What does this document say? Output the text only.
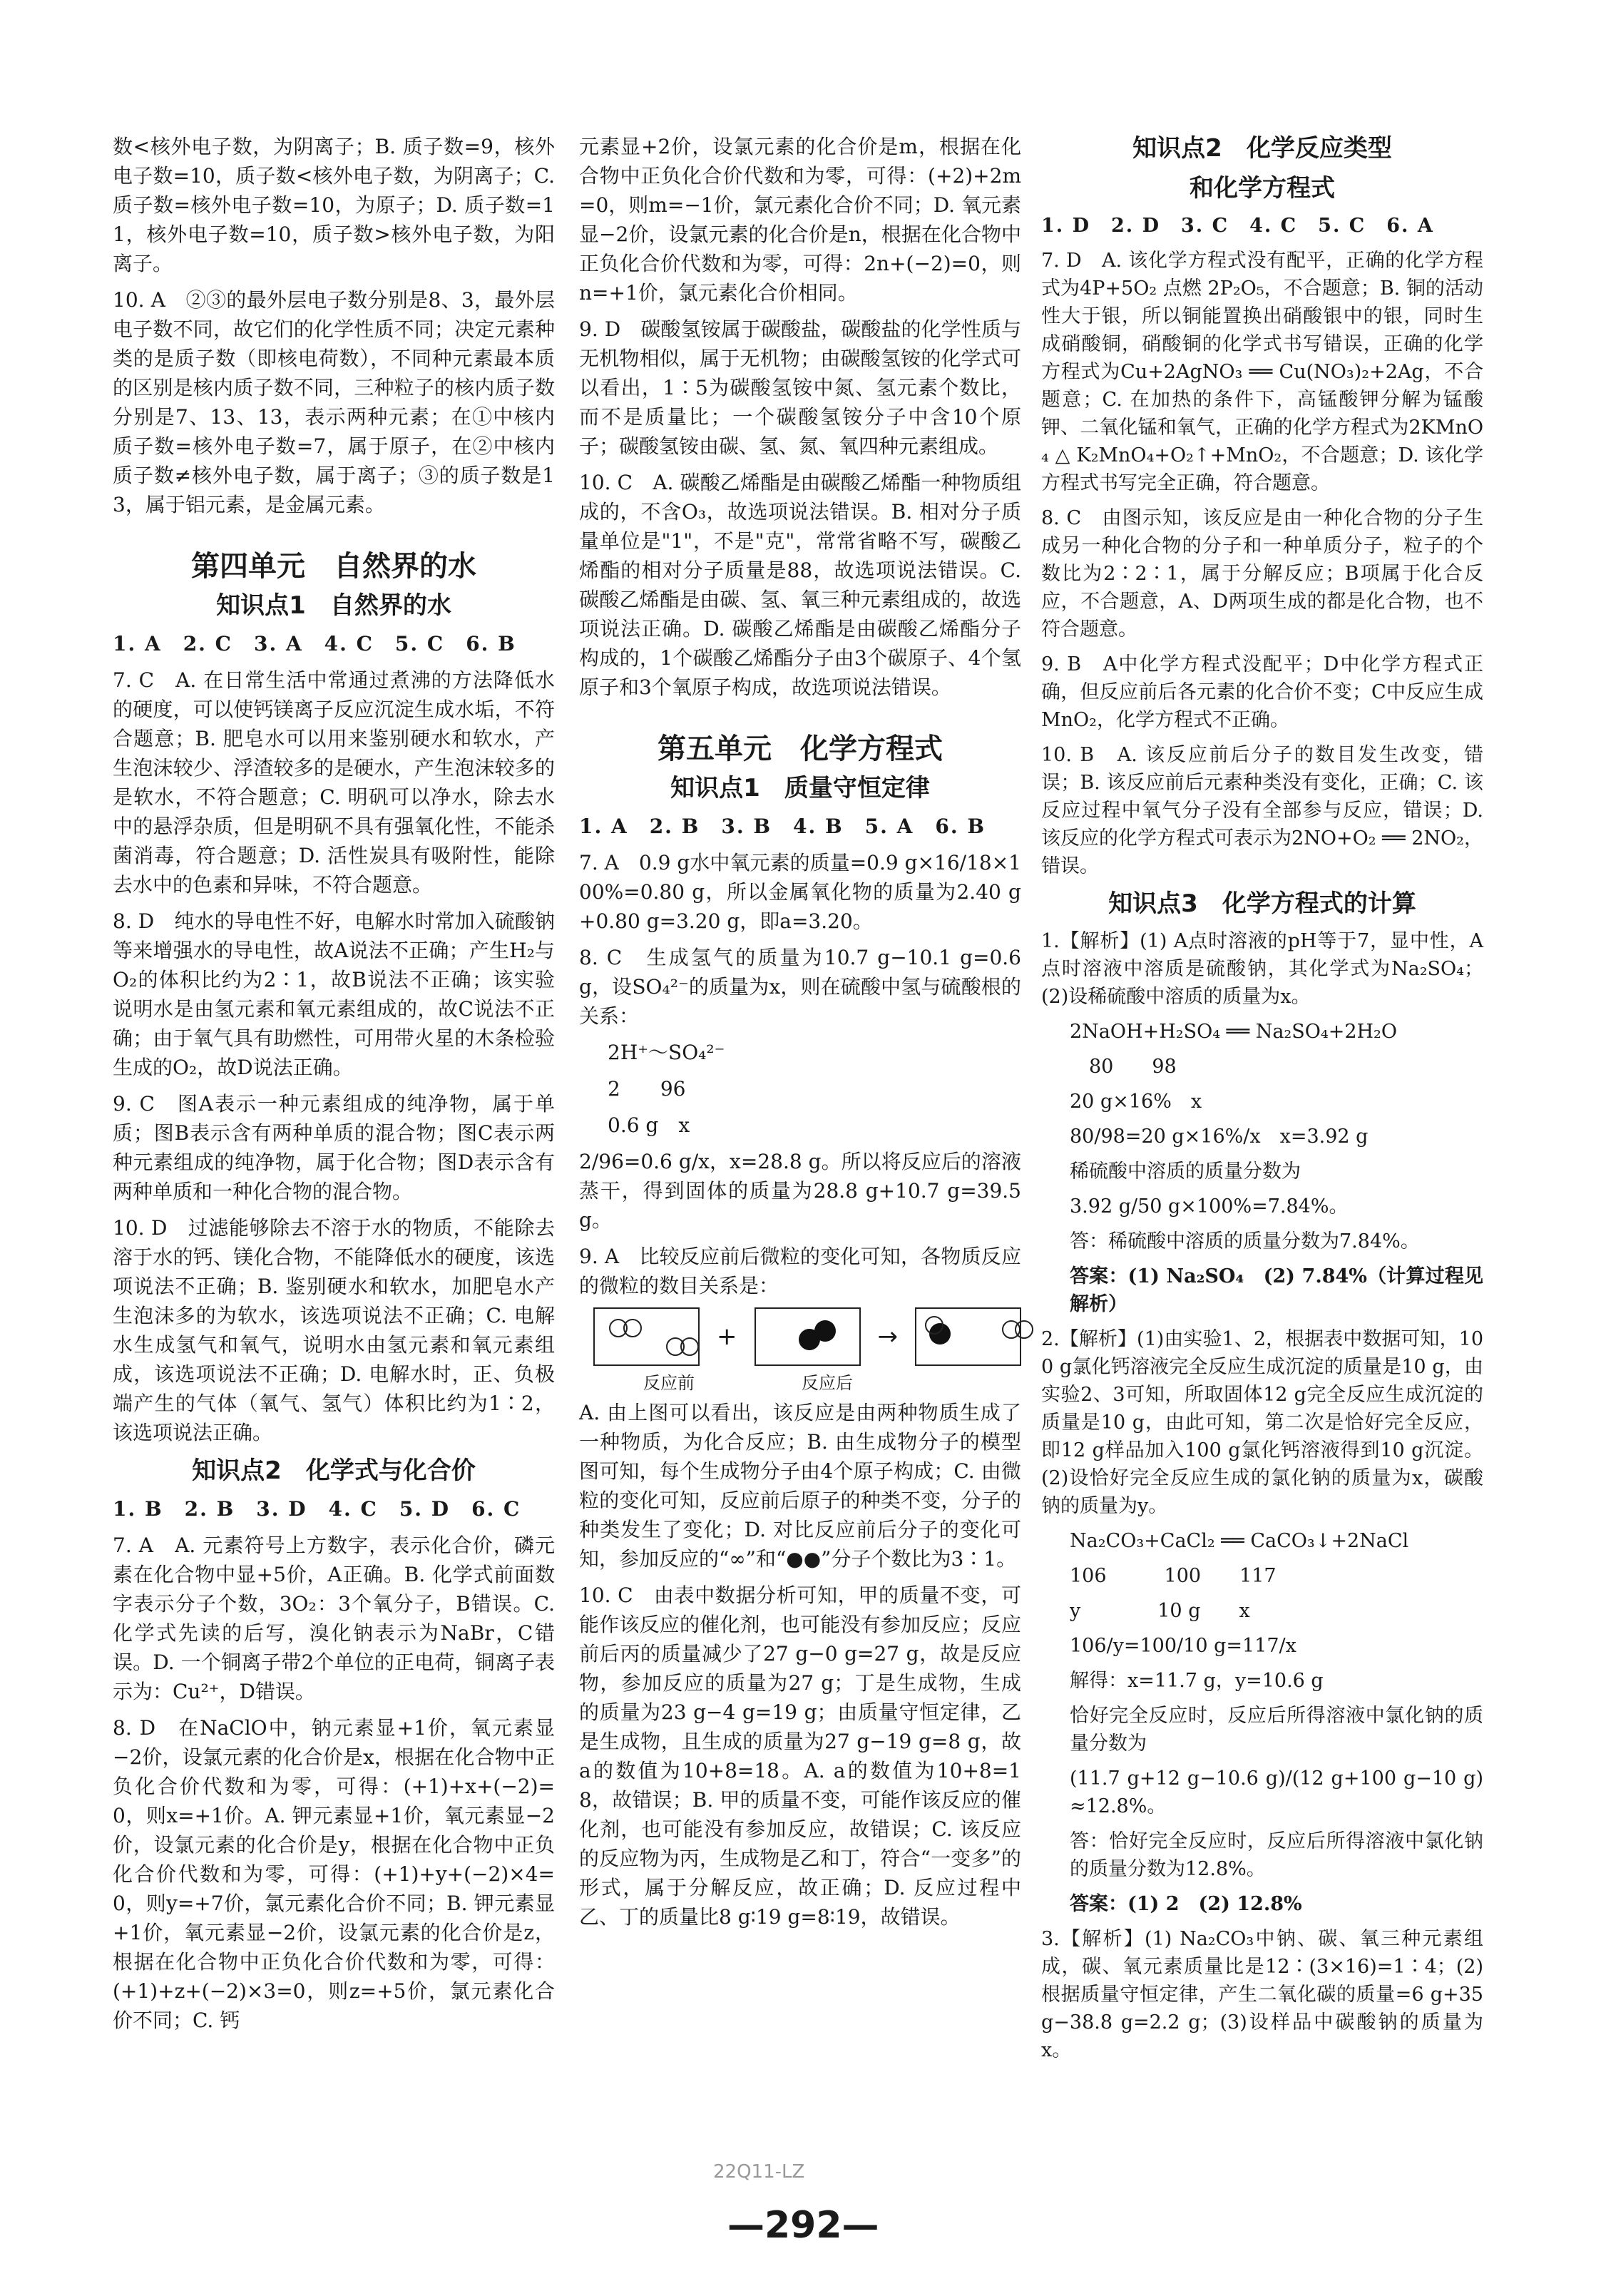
数<核外电子数，为阴离子；B. 质子数=9，核外电子数=10，质子数<核外电子数，为阴离子；C. 质子数=核外电子数=10，为原子；D. 质子数=11，核外电子数=10，质子数>核外电子数，为阳离子。

10. A　②③的最外层电子数分别是8、3，最外层电子数不同，故它们的化学性质不同；决定元素种类的是质子数（即核电荷数），不同种元素最本质的区别是核内质子数不同，三种粒子的核内质子数分别是7、13、13，表示两种元素；在①中核内质子数=核外电子数=7，属于原子，在②中核内质子数≠核外电子数，属于离子；③的质子数是13，属于铝元素，是金属元素。

第四单元　自然界的水
知识点1　自然界的水

1. A　2. C　3. A　4. C　5. C　6. B

7. C　A. 在日常生活中常通过煮沸的方法降低水的硬度，可以使钙镁离子反应沉淀生成水垢，不符合题意；B. 肥皂水可以用来鉴别硬水和软水，产生泡沫较少、浮渣较多的是硬水，产生泡沫较多的是软水，不符合题意；C. 明矾可以净水，除去水中的悬浮杂质，但是明矾不具有强氧化性，不能杀菌消毒，符合题意；D. 活性炭具有吸附性，能除去水中的色素和异味，不符合题意。

8. D　纯水的导电性不好，电解水时常加入硫酸钠等来增强水的导电性，故A说法不正确；产生H₂与O₂的体积比约为2∶1，故B说法不正确；该实验说明水是由氢元素和氧元素组成的，故C说法不正确；由于氧气具有助燃性，可用带火星的木条检验生成的O₂，故D说法正确。

9. C　图A表示一种元素组成的纯净物，属于单质；图B表示含有两种单质的混合物；图C表示两种元素组成的纯净物，属于化合物；图D表示含有两种单质和一种化合物的混合物。

10. D　过滤能够除去不溶于水的物质，不能除去溶于水的钙、镁化合物，不能降低水的硬度，该选项说法不正确；B. 鉴别硬水和软水，加肥皂水产生泡沫多的为软水，该选项说法不正确；C. 电解水生成氢气和氧气，说明水由氢元素和氧元素组成，该选项说法不正确；D. 电解水时，正、负极端产生的气体（氧气、氢气）体积比约为1∶2，该选项说法正确。

知识点2　化学式与化合价

1. B　2. B　3. D　4. C　5. D　6. C

7. A　A. 元素符号上方数字，表示化合价，磷元素在化合物中显+5价，A正确。B. 化学式前面数字表示分子个数，3O₂：3个氧分子，B错误。C. 化学式先读的后写，溴化钠表示为NaBr，C错误。D. 一个铜离子带2个单位的正电荷，铜离子表示为：Cu²⁺，D错误。

8. D　在NaClO中，钠元素显+1价，氧元素显−2价，设氯元素的化合价是x，根据在化合物中正负化合价代数和为零，可得：(+1)+x+(−2)=0，则x=+1价。A. 钾元素显+1价，氧元素显−2价，设氯元素的化合价是y，根据在化合物中正负化合价代数和为零，可得：(+1)+y+(−2)×4=0，则y=+7价，氯元素化合价不同；B. 钾元素显+1价，氧元素显−2价，设氯元素的化合价是z，根据在化合物中正负化合价代数和为零，可得：(+1)+z+(−2)×3=0，则z=+5价，氯元素化合价不同；C. 钙

元素显+2价，设氯元素的化合价是m，根据在化合物中正负化合价代数和为零，可得：(+2)+2m=0，则m=−1价，氯元素化合价不同；D. 氧元素显−2价，设氯元素的化合价是n，根据在化合物中正负化合价代数和为零，可得：2n+(−2)=0，则n=+1价，氯元素化合价相同。

9. D　碳酸氢铵属于碳酸盐，碳酸盐的化学性质与无机物相似，属于无机物；由碳酸氢铵的化学式可以看出，1∶5为碳酸氢铵中氮、氢元素个数比，而不是质量比；一个碳酸氢铵分子中含10个原子；碳酸氢铵由碳、氢、氮、氧四种元素组成。

10. C　A. 碳酸乙烯酯是由碳酸乙烯酯一种物质组成的，不含O₃，故选项说法错误。B. 相对分子质量单位是"1"，不是"克"，常常省略不写，碳酸乙烯酯的相对分子质量是88，故选项说法错误。C. 碳酸乙烯酯是由碳、氢、氧三种元素组成的，故选项说法正确。D. 碳酸乙烯酯是由碳酸乙烯酯分子构成的，1个碳酸乙烯酯分子由3个碳原子、4个氢原子和3个氧原子构成，故选项说法错误。

第五单元　化学方程式
知识点1　质量守恒定律

1. A　2. B　3. B　4. B　5. A　6. B

7. A　0.9 g水中氧元素的质量=0.9 g×16/18×100%=0.80 g，所以金属氧化物的质量为2.40 g+0.80 g=3.20 g，即a=3.20。

8. C　生成氢气的质量为10.7 g−10.1 g=0.6 g，设SO₄²⁻的质量为x，则在硫酸中氢与硫酸根的关系：

2H⁺～SO₄²⁻

2　　96

0.6 g　x

2/96=0.6 g/x，x=28.8 g。所以将反应后的溶液蒸干，得到固体的质量为28.8 g+10.7 g=39.5 g。

9. A　比较反应前后微粒的变化可知，各物质反应的微粒的数目关系是：

+	→
反应前	反应后

A. 由上图可以看出，该反应是由两种物质生成了一种物质，为化合反应；B. 由生成物分子的模型图可知，每个生成物分子由4个原子构成；C. 由微粒的变化可知，反应前后原子的种类不变，分子的种类发生了变化；D. 对比反应前后分子的变化可知，参加反应的“∞”和“●●”分子个数比为3∶1。

10. C　由表中数据分析可知，甲的质量不变，可能作该反应的催化剂，也可能没有参加反应；反应前后丙的质量减少了27 g−0 g=27 g，故是反应物，参加反应的质量为27 g；丁是生成物，生成的质量为23 g−4 g=19 g；由质量守恒定律，乙是生成物，且生成的质量为27 g−19 g=8 g，故a的数值为10+8=18。A. a的数值为10+8=18，故错误；B. 甲的质量不变，可能作该反应的催化剂，也可能没有参加反应，故错误；C. 该反应的反应物为丙，生成物是乙和丁，符合“一变多”的形式，属于分解反应，故正确；D. 反应过程中乙、丁的质量比8 g∶19 g=8∶19，故错误。

知识点2　化学反应类型
和化学方程式

1. D　2. D　3. C　4. C　5. C　6. A

7. D　A. 该化学方程式没有配平，正确的化学方程式为4P+5O₂ 点燃 2P₂O₅，不合题意；B. 铜的活动性大于银，所以铜能置换出硝酸银中的银，同时生成硝酸铜，硝酸铜的化学式书写错误，正确的化学方程式为Cu+2AgNO₃ ══ Cu(NO₃)₂+2Ag，不合题意；C. 在加热的条件下，高锰酸钾分解为锰酸钾、二氧化锰和氧气，正确的化学方程式为2KMnO₄ △ K₂MnO₄+O₂↑+MnO₂，不合题意；D. 该化学方程式书写完全正确，符合题意。

8. C　由图示知，该反应是由一种化合物的分子生成另一种化合物的分子和一种单质分子，粒子的个数比为2∶2∶1，属于分解反应；B项属于化合反应，不合题意，A、D两项生成的都是化合物，也不符合题意。

9. B　A中化学方程式没配平；D中化学方程式正确，但反应前后各元素的化合价不变；C中反应生成MnO₂，化学方程式不正确。

10. B　A. 该反应前后分子的数目发生改变，错误；B. 该反应前后元素种类没有变化，正确；C. 该反应过程中氧气分子没有全部参与反应，错误；D. 该反应的化学方程式可表示为2NO+O₂ ══ 2NO₂，错误。

知识点3　化学方程式的计算

1.【解析】(1) A点时溶液的pH等于7，显中性，A点时溶液中溶质是硫酸钠，其化学式为Na₂SO₄；(2)设稀硫酸中溶质的质量为x。

2NaOH+H₂SO₄ ══ Na₂SO₄+2H₂O

　80　　98

20 g×16%　x

80/98=20 g×16%/x　x=3.92 g

稀硫酸中溶质的质量分数为

3.92 g/50 g×100%=7.84%。

答：稀硫酸中溶质的质量分数为7.84%。

答案：(1) Na₂SO₄　(2) 7.84%（计算过程见解析）

2.【解析】(1)由实验1、2，根据表中数据可知，100 g氯化钙溶液完全反应生成沉淀的质量是10 g，由实验2、3可知，所取固体12 g完全反应生成沉淀的质量是10 g，由此可知，第二次是恰好完全反应，即12 g样品加入100 g氯化钙溶液得到10 g沉淀。(2)设恰好完全反应生成的氯化钠的质量为x，碳酸钠的质量为y。

Na₂CO₃+CaCl₂ ══ CaCO₃↓+2NaCl

106　　　100　　117

y　　　　10 g　　x

106/y=100/10 g=117/x

解得：x=11.7 g，y=10.6 g

恰好完全反应时，反应后所得溶液中氯化钠的质量分数为

(11.7 g+12 g−10.6 g)/(12 g+100 g−10 g)≈12.8%。

答：恰好完全反应时，反应后所得溶液中氯化钠的质量分数为12.8%。

答案：(1) 2　(2) 12.8%

3.【解析】(1) Na₂CO₃中钠、碳、氧三种元素组成，碳、氧元素质量比是12∶(3×16)=1∶4；(2)根据质量守恒定律，产生二氧化碳的质量=6 g+35 g−38.8 g=2.2 g；(3)设样品中碳酸钠的质量为x。

22Q11-LZ
—292—
